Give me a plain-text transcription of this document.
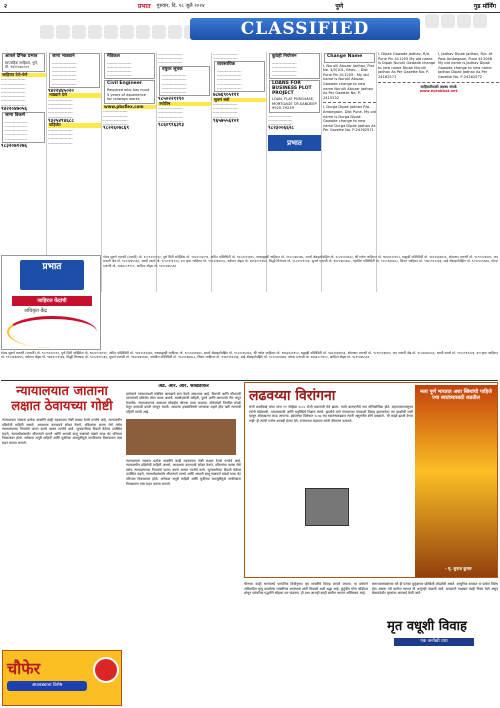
२	प्रभात गुरुवार, दि. १८ जुलै २०२४	पुणे	गुड मॉर्निंग
CLASSIFIED
आपले दैनिक प्रभात
साप्ताहिक जाहिरात, पुणे, मो. ९४२२०७०८०९
जाहिरात देणे-घेणे
-------------------
-------------------
-------------------
-------------------
-------------------
-------------------
-------------------
९४२२०४७०५६
जागा विकणे
-----------------
-----------------
-----------------
-----------------
-----------------
९८३२०७१२७६
जागा भाड्याने
-------------------
-------------------
-------------------
-------------------
-------------------
-------------------
९४२२४४५०२०
भाड्याने देणे
-------------------
-------------------
-------------------
-------------------
-------------------
९३२५४९४६८८
पाहिजेत
-------------------
-------------------
-------------------
-------------------
मेडिकल
-------------------
-------------------
-------------------
-------------------
Civil Engineer
Required who has must 5 years of experience for railways works
www.pbsflex.com
-------------------
-------------------
-------------------
-------------------
९८२२६०७८६९
-------------------
-------------------
-------------------
वधुवर सूचक
-------------------
-------------------
-------------------
-------------------
-------------------
९८५०२२११९०
ज्योतिष
-------------------
-------------------
-------------------
-------------------
९८६०९९६३१३
-------------------
-------------------
व्यवसायिक
-------------------
-------------------
-------------------
-------------------
-------------------
७८७६९०५१११
सुवर्ण संधी
-------------------
-------------------
-------------------
-------------------
९६५७५५६१०१
कुठेही नियोजन
-------------------
-------------------
-------------------
-------------------
LOANS FOR BUSINESS PLOT PROJECT
LOAN, FLAT PURCHASE, MORTGAGE CR.SANDEEP 9920-79239
-------------------
-------------------
-------------------
९८२३००६६२८
प्रभात
Change Name
I, Nurulli Abuzar Jadhav, Flat No. 3/5/101, Bhav..., Dist Pune Pin 411205 - My old name is Nurulli Abuzar Gawade change to new name Nurulli Abuzar Jadhav As Per Gazette No. P-2415232
I, Durga Dipak Jadhav R/o. Ambegaon, Dist Pune. My old name is Durga Dipak Gawade change to new name Durga Dipak Jadhav As Per Gazette No. P-24162571
I, Dipak Gawade Jadhav, R/o. Pune Pin 411205 My old name is Dipak Nurulli Gawade change to new name Dipak Nurulli Jadhav As Per Gazette No. P-24162571
I, Jadhav Dipak Jadhav, R/o. At Post Ambegaon, Pune 411046 My old name is Jadhav Dipak Gawade change to new name Jadhav Dipak Jadhav As Per Gazette No. P-24162572
जाहिरातीसाठी अवश्य संपर्क
www.eprabhat.net
प्रभात
जाहिरात केंद्रांची
अधिकृत केंद्र
गोल्ड सुवर्ण एजन्सी (व्याप्ती) मो. ९८८९२१२०१२, पुणे सिटी सर्व्हिसेस मो. ९४२२००७०९१, अमित पब्लिसिटी मो. ९४२२५१२३४५, नवसाह्याद्री जाहिरात मो. ९८५००४४२७५, समर्थ ॲडव्हर्टायझिंग मो. ९८२२०६५४३२, श्री गणेश जाहिरात मो. ९७६४२२११०२, सह्याद्री पब्लिसिटी मो. ९४२२३३६४५६, ओमकार एजन्सी मो. ९८९०१२३४४०, जय भवानी ॲड मो. ९८२२४४५५६६, स्वामी समर्थ मो. ९८५०१११२२३, दत्त कृपा जाहिरात मो. ९९२२३३४४५५, वर्धमान ॲड्स मो. ९७६३००११४४, सिद्धी विनायक मो. ९८२२१११०३३, सुपर्ण एजन्सी मो. ९४२२३४५६७८, एकविरा पब्लिसिटी मो. ९८५०६६७७८८, शिवम जाहिरात मो. ९९७०११२२३३, साई ॲडव्हर्टायझिंग मो. ९८२२५५६६७७, मोरया एजन्सी मो. ९७६४८८९९००, आदित्य ॲड्स मो. ९८९०४४५५६६
गोल्ड सुवर्ण एजन्सी (व्याप्ती) मो. ९८८९२१२०१२, पुणे सिटी सर्व्हिसेस मो. ९४२२००७०९१, अमित पब्लिसिटी मो. ९४२२५१२३४५, नवसाह्याद्री जाहिरात मो. ९८५००४४२७५, समर्थ ॲडव्हर्टायझिंग मो. ९८२२०६५४३२, श्री गणेश जाहिरात मो. ९७६४२२११०२, सह्याद्री पब्लिसिटी मो. ९४२२३३६४५६, ओमकार एजन्सी मो. ९८९०१२३४४०, जय भवानी ॲड मो. ९८२२४४५५६६, स्वामी समर्थ मो. ९८५०१११२२३, दत्त कृपा जाहिरात मो. ९९२२३३४४५५, वर्धमान ॲड्स मो. ९७६३००११४४, सिद्धी विनायक मो. ९८२२१११०३३, सुपर्ण एजन्सी मो. ९४२२३४५६७८, एकविरा पब्लिसिटी मो. ९८५०६६७७८८, शिवम जाहिरात मो. ९९७०११२२३३, साई ॲडव्हर्टायझिंग मो. ९८२२५५६६७७, मोरया एजन्सी मो. ९७६४८८९९००, आदित्य ॲड्स मो. ९८९०४४५५६६
न्यायालयात जाताना लक्षात ठेवायच्या गोष्टी
न्यायालयात जाताना प्रत्येक व्यक्तीने काही महत्त्वाच्या गोष्टी लक्षात ठेवणे गरजेचे आहे. न्यायालयीन प्रक्रियेची माहिती असणे, आवश्यक कागदपत्रे सोबत ठेवणे, वकिलांचा सल्ला घेणे तसेच न्यायालयाच्या नियमांचे पालन करणे अत्यंत गरजेचे ठरते. सुनावणीच्या दिवशी वेळेवर उपस्थित राहणे, न्यायाधीशांसमोर सौजन्याने वागणे आणि आपली बाजू स्पष्टपणे मांडणे याचा थेट परिणाम निकालावर होतो. अनेकदा अपुरी माहिती आणि चुकीच्या समजुतींमुळे नागरिकांना विनाकारण त्रास सहन करावा लागतो.
चौफेर
आठवड्याचा विशेष
ॲड. आर. आर. श्रीखंडीकर
प्रत्येकाने न्यायालयाशी संबंधित कायद्याचे ज्ञान ठेवणे आवश्यक आहे. दिवाणी आणि फौजदारी दाव्यांमध्ये प्रक्रियेत मोठा फरक असतो. साक्षीदारांची माहिती, पुरावे आणि कागदपत्रे नीट जपून ठेवावीत. न्यायालयाच्या आवारात मोबाईल फोनचा वापर टाळावा. वकिलांशी नियमित संपर्क ठेवून दाव्याची प्रगती जाणून घ्यावी. आपल्या हक्कांविषयी जागरूक राहणे हीच खरी न्यायाची पहिली पायरी आहे.
न्यायालयात जाताना प्रत्येक व्यक्तीने काही महत्त्वाच्या गोष्टी लक्षात ठेवणे गरजेचे आहे. न्यायालयीन प्रक्रियेची माहिती असणे, आवश्यक कागदपत्रे सोबत ठेवणे, वकिलांचा सल्ला घेणे तसेच न्यायालयाच्या नियमांचे पालन करणे अत्यंत गरजेचे ठरते. सुनावणीच्या दिवशी वेळेवर उपस्थित राहणे, न्यायाधीशांसमोर सौजन्याने वागणे आणि आपली बाजू स्पष्टपणे मांडणे याचा थेट परिणाम निकालावर होतो. अनेकदा अपुरी माहिती आणि चुकीच्या समजुतींमुळे नागरिकांना विनाकारण त्रास सहन करावा लागतो.
लढवय्या विरांगना
राणी लक्ष्मीबाई यांचा जन्म १९ नोव्हेंबर १८२८ रोजी वाराणसी येथे झाला. त्यांचे बालपणीचे नाव मणिकर्णिका होते. लहानपणापासूनच त्यांनी घोडेस्वारी, तलवारबाजी आणि धनुर्विद्येचे शिक्षण घेतले. झाशीचे राजे गंगाधरराव यांच्याशी विवाह झाल्यानंतर त्या झाशीची राणी म्हणून ओळखल्या जाऊ लागल्या. इंग्रजांच्या विरोधात १८५७ च्या स्वातंत्र्यलढ्यात त्यांनी अतुलनीय शौर्य दाखवले. 'मी माझी झाशी देणार नाही' ही त्यांची गर्जना आजही प्रेरणा देते. रणांगणात लढताना त्यांनी वीरमरण पत्करले.
मला पूर्ण भारतात अशा स्त्रियांची पाहिजे ज्या स्वातंत्र्यासाठी लढतील
- मृ. सुनाल कुमार
चीनच्या काही भागांमध्ये पारंपरिक विधीनुसार मृत व्यक्तींचे विवाह लावले जातात. या प्रथेमागे अविवाहित मृत्यू पावलेल्या व्यक्तींच्या आत्म्याला शांती मिळावी अशी श्रद्धा आहे. कुटुंबीय योग्य जोडीदार शोधून पारंपरिक पद्धतीने सोहळा पार पाडतात. ही प्रथा आजही काही ग्रामीण भागात अस्तित्वात आहे.
समाजशास्त्रज्ञांच्या मते ही परंपरा कुटुंबाच्या प्रतिष्ठेशी जोडलेली असते. आधुनिक काळात या प्रथेला विरोध होत असला तरी ग्रामीण भागात ती अजूनही पाळली जाते. सरकारने याबाबत काही नियम केले असून बेकायदेशीर कृत्यांवर कारवाई केली जाते.
मृत वधूशी विवाह
एक अनोखी प्रथा
